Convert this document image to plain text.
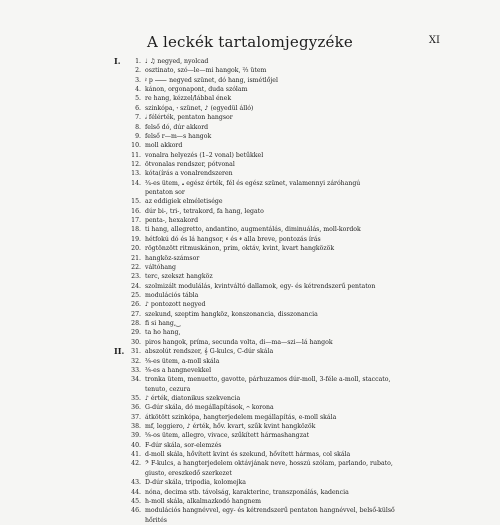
A leckék tartalomjegyzéke	XI
I.	1. ♩ ♫ negyed, nyolcad
2. osztinato, szó—le—mi hangok, ⅔ ütem
3. 𝄽 p ⸺ negyed szünet, dó hang, ismétlőjel
4. kánon, orgonapont, duda szólam
5. re hang, kézzel/lábbal ének
6. szinkópa, 𝄾 szünet, ♪ (egyedül álló)
7. 𝅗𝅥 félérték, pentaton hangsor
8. felső dó, dúr akkord
9. felső r—m—s hangok
10. moll akkord
11. vonalra helyezés (1–2 vonal) betűkkel
12. ötvonalas rendszer, pótvonal
13. kóta(írás a vonalrendszeren
14. ¾-es ütem, 𝅝 egész érték, fél és egész szünet, valamennyi záróhangú
pentaton sor
15. az eddigiek elméletisége
16. dúr bi-, tri-, tetrakord, fa hang, legato
17. penta-, hexakord
18. ti hang, allegretto, andantino, augmentálás, diminuálás, moll-kordok
19. hétfokú dó és lá hangsor, 𝄴 és 𝄵 alla breve, pontozás írás
20. rögtönzött ritmuskánon, prim, oktáv, kvint, kvart hangközök
21. hangköz-számsor
22. váltóhang
23. terc, szekszt hangköz
24. szolmizált modulálás, kvintváltó dallamok, egy- és kétrendszerű pentaton
25. modulációs tábla
26. ♪ pontozott negyed
27. szekund, szeptim hangköz, konszonancia, disszonancia
28. fi si hang,‿
29. ta ho hang,
30. piros hangok, príma, secunda volta, di—ma—szi—lá hangok
II.	31. abszolút rendszer, 𝄞 G-kulcs, C-dúr skála
32. ⅜-es ütem, a-moll skála
33. ⅜-es a hangnevekkel
34. tronka ütem, menuetto, gavotte, párhuzamos dúr-moll, 3-féle a-moll, staccato,
tenuto, cezura
35. ♪ érték, diatonikus szekvencia
36. G-dúr skála, dó megállapítások, 𝄐 korona
37. átkötött szinkópa, hangterjedelem megállapítás, e-moll skála
38. mf, leggiero, ♪ érték, hőv. kvart, szűk kvint hangközök
39. ⅝-os ütem, allegro, vivace, szűkített hármashangzat
40. F-dúr skála, sor-elemzés
41. d-moll skála, hővített kvint és szekund, hővített hármas, col skála
42. 𝄢 F-kulcs, a hangterjedelem oktávjának neve, hosszú szólam, parlando, rubato,
giusto, ereszkedő szerkezet
43. D-dúr skála, tripodia, kolomejka
44. nóna, decima stb. távolság, karakterinc, transzponálás, kadencia
45. h-moll skála, alkalmazkodó hangnem
46. modulációs hangnévvel, egy- és kétrendszerű pentaton hangnévvel, belső-külső
hőrités
